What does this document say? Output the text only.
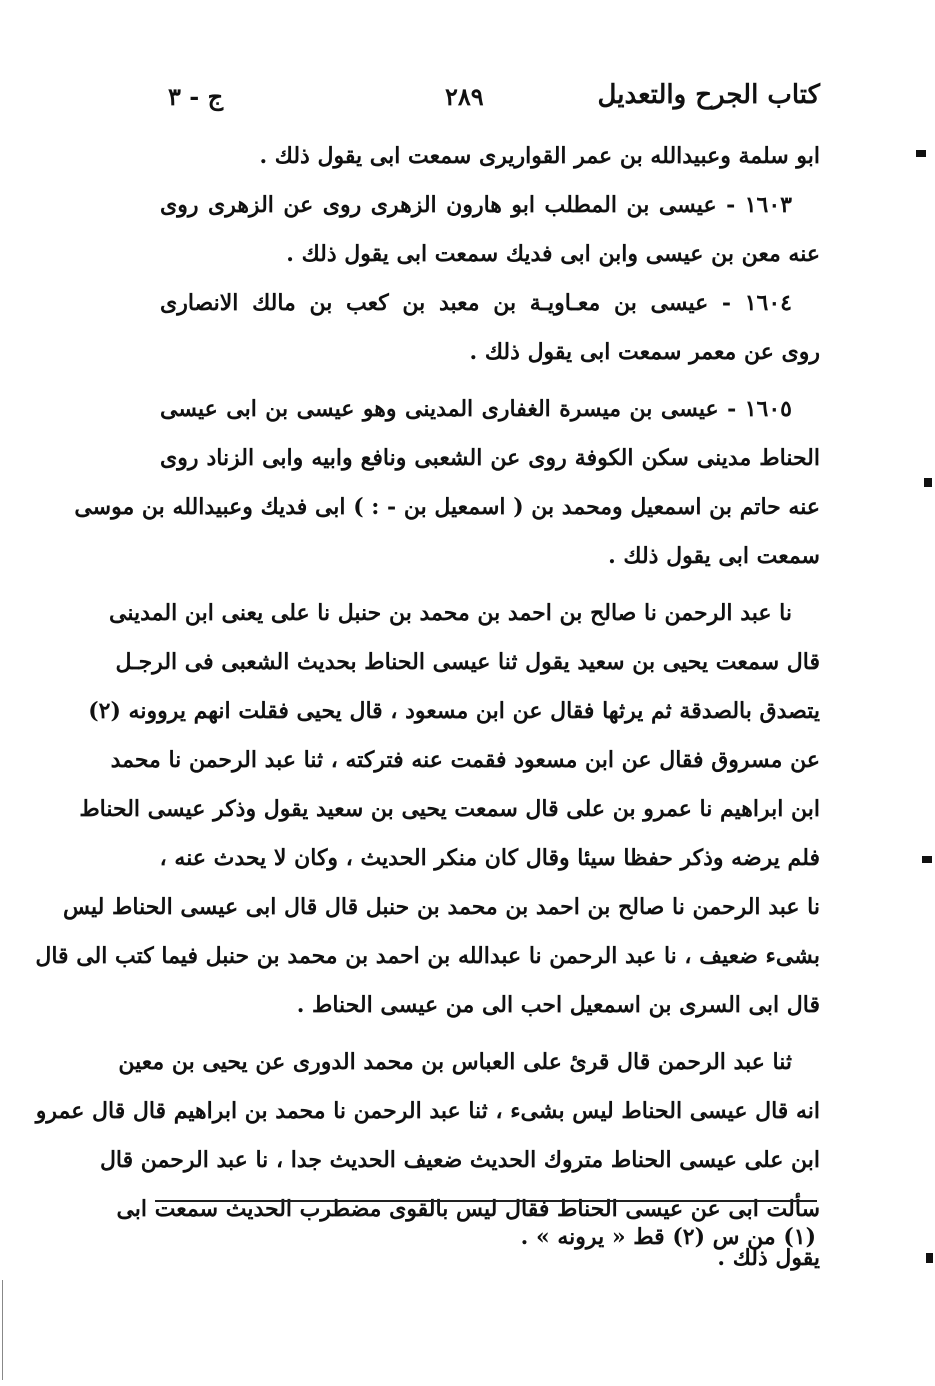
كتاب الجرح والتعديل
٢٨٩
ج - ٣
ابو سلمة وعبيدالله بن عمر القواريرى سمعت ابى يقول ذلك .
١٦٠٣ - عيسى بن المطلب ابو هارون الزهرى روى عن الزهرى روى
عنه معن بن عيسى وابن ابى فديك سمعت ابى يقول ذلك .
١٦٠٤ - عيسى بن معـاويـة بن معبد بن كعب بن مالك الانصارى
روى عن معمر سمعت ابى يقول ذلك .
١٦٠٥ - عيسى بن ميسرة الغفارى المدينى وهو عيسى بن ابى عيسى
الحناط مدينى سكن الكوفة روى عن الشعبى ونافع وابيه وابى الزناد روى
عنه حاتم بن اسمعيل ومحمد بن ( اسمعيل بن - : ) ابى فديك وعبيدالله بن موسى
سمعت ابى يقول ذلك .
نا عبد الرحمن نا صالح بن احمد بن محمد بن حنبل نا على يعنى ابن المدينى
قال سمعت يحيى بن سعيد يقول ثنا عيسى الحناط بحديث الشعبى فى الرجـل
يتصدق بالصدقة ثم يرثها فقال عن ابن مسعود ، قال يحيى فقلت انهم يروونه (٢)
عن مسروق فقال عن ابن مسعود فقمت عنه فتركته ، ثنا عبد الرحمن نا محمد
ابن ابراهيم نا عمرو بن على قال سمعت يحيى بن سعيد يقول وذكر عيسى الحناط
فلم يرضه وذكر حفظا سيئا وقال كان منكر الحديث ، وكان لا يحدث عنه ،
نا عبد الرحمن نا صالح بن احمد بن محمد بن حنبل قال قال ابى عيسى الحناط ليس
بشىء ضعيف ، نا عبد الرحمن نا عبدالله بن احمد بن محمد بن حنبل فيما كتب الى قال
قال ابى السرى بن اسمعيل احب الى من عيسى الحناط .
ثنا عبد الرحمن قال قرئ على العباس بن محمد الدورى عن يحيى بن معين
انه قال عيسى الحناط ليس بشىء ، ثنا عبد الرحمن نا محمد بن ابراهيم قال قال عمرو
ابن على عيسى الحناط متروك الحديث ضعيف الحديث جدا ، نا عبد الرحمن قال
سألت ابى عن عيسى الحناط فقال ليس بالقوى مضطرب الحديث سمعت ابى
يقول ذلك .
(١) من س (٢) قط « يرونه » .
